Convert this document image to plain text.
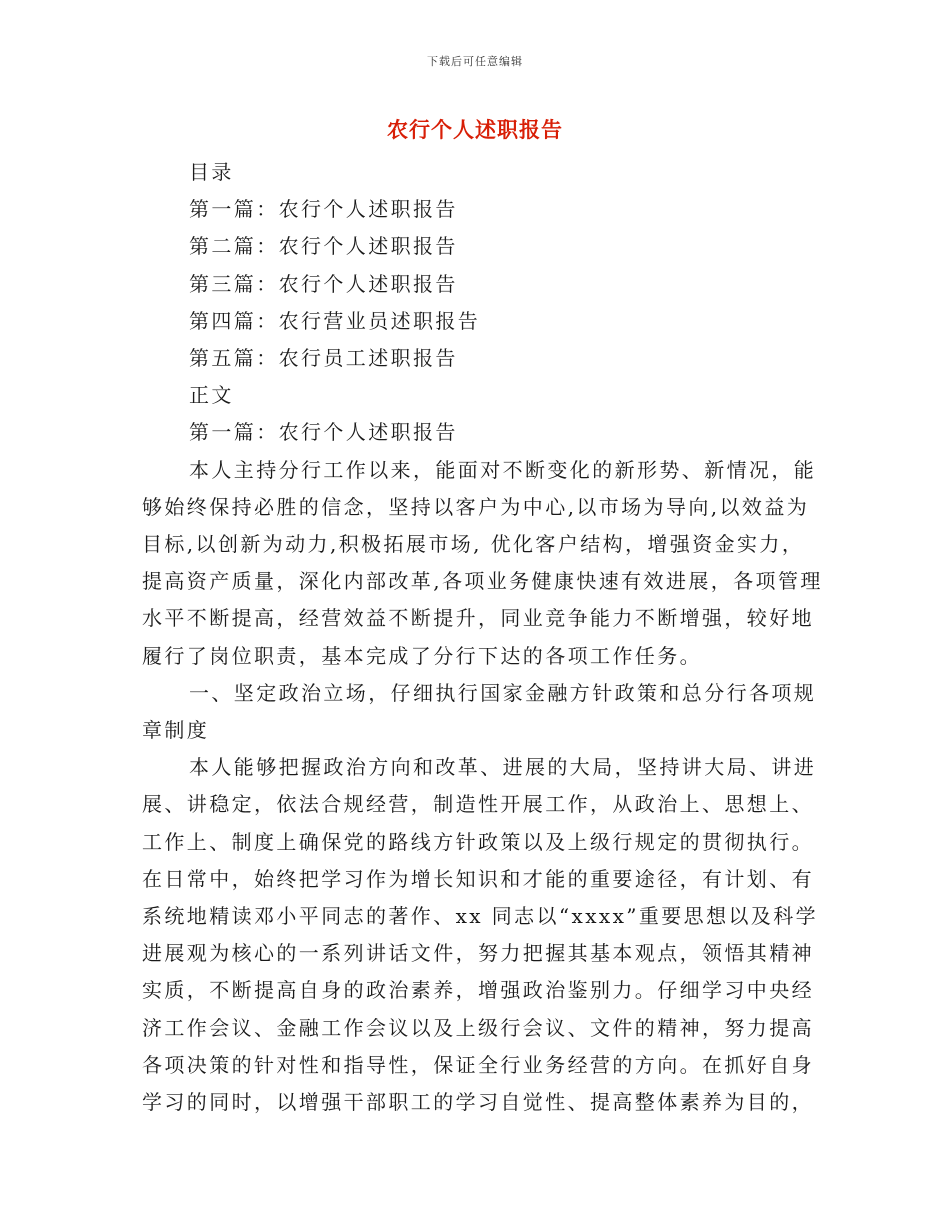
下载后可任意编辑
农行个人述职报告
目录
第一篇：农行个人述职报告
第二篇：农行个人述职报告
第三篇：农行个人述职报告
第四篇：农行营业员述职报告
第五篇：农行员工述职报告
正文
第一篇：农行个人述职报告
本人主持分行工作以来，能面对不断变化的新形势、新情况，能
够始终保持必胜的信念，坚持以客户为中心,以市场为导向,以效益为
目标,以创新为动力,积极拓展市场, 优化客户结构，增强资金实力，
提高资产质量，深化内部改革,各项业务健康快速有效进展，各项管理
水平不断提高，经营效益不断提升，同业竞争能力不断增强，较好地
履行了岗位职责，基本完成了分行下达的各项工作任务。
一、坚定政治立场，仔细执行国家金融方针政策和总分行各项规
章制度
本人能够把握政治方向和改革、进展的大局，坚持讲大局、讲进
展、讲稳定，依法合规经营，制造性开展工作，从政治上、思想上、
工作上、制度上确保党的路线方针政策以及上级行规定的贯彻执行。
在日常中，始终把学习作为增长知识和才能的重要途径，有计划、有
系统地精读邓小平同志的著作、xx 同志以“xxxx”重要思想以及科学
进展观为核心的一系列讲话文件，努力把握其基本观点，领悟其精神
实质，不断提高自身的政治素养，增强政治鉴别力。仔细学习中央经
济工作会议、金融工作会议以及上级行会议、文件的精神，努力提高
各项决策的针对性和指导性，保证全行业务经营的方向。在抓好自身
学习的同时，以增强干部职工的学习自觉性、提高整体素养为目的，
